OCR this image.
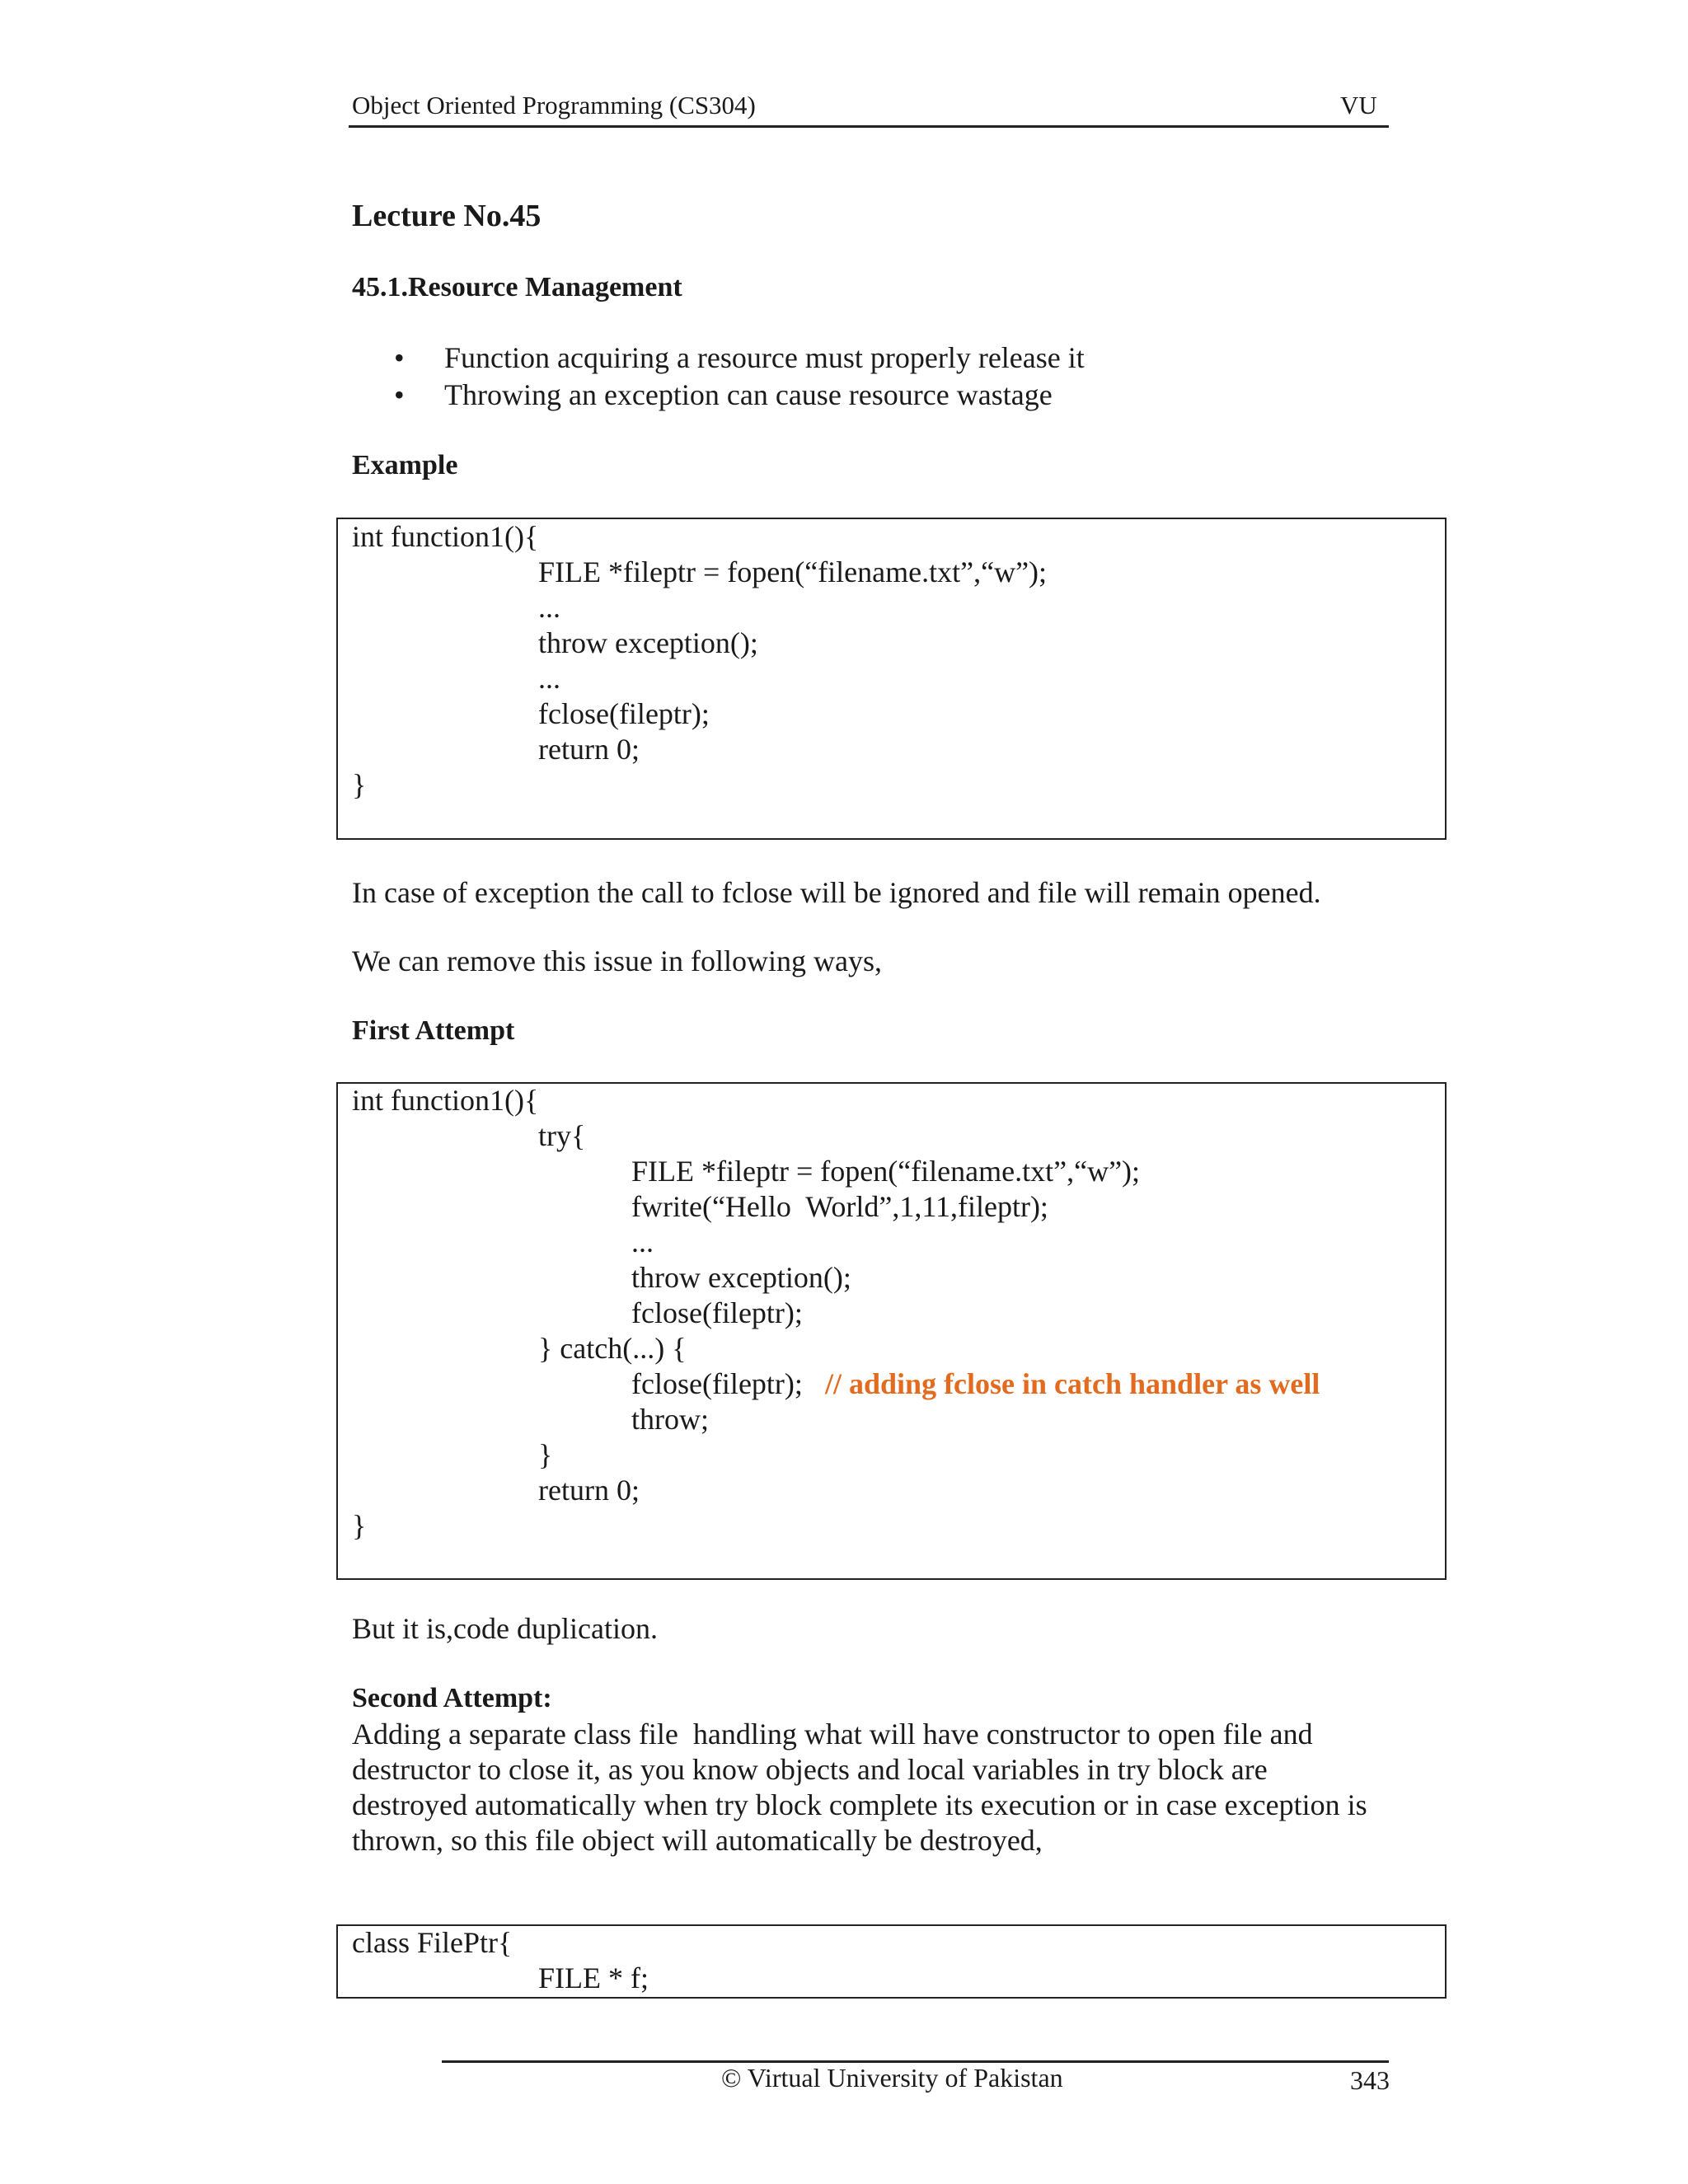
Object Oriented Programming (CS304)	VU
Lecture No.45
45.1.Resource Management
• Function acquiring a resource must properly release it
• Throwing an exception can cause resource wastage
Example
int function1(){
FILE *fileptr = fopen(“filename.txt”,“w”);
...
throw exception();
...
fclose(fileptr);
return 0;
}
In case of exception the call to fclose will be ignored and file will remain opened.
We can remove this issue in following ways,
First Attempt
int function1(){
try{
FILE *fileptr = fopen(“filename.txt”,“w”);
fwrite(“Hello  World”,1,11,fileptr);
...
throw exception();
fclose(fileptr);
} catch(...) {
fclose(fileptr); // adding fclose in catch handler as well
throw;
}
return 0;
}
But it is,code duplication.
Second Attempt:
Adding a separate class file  handling what will have constructor to open file and
destructor to close it, as you know objects and local variables in try block are
destroyed automatically when try block complete its execution or in case exception is
thrown, so this file object will automatically be destroyed,
class FilePtr{
FILE * f;
© Virtual University of Pakistan	343
